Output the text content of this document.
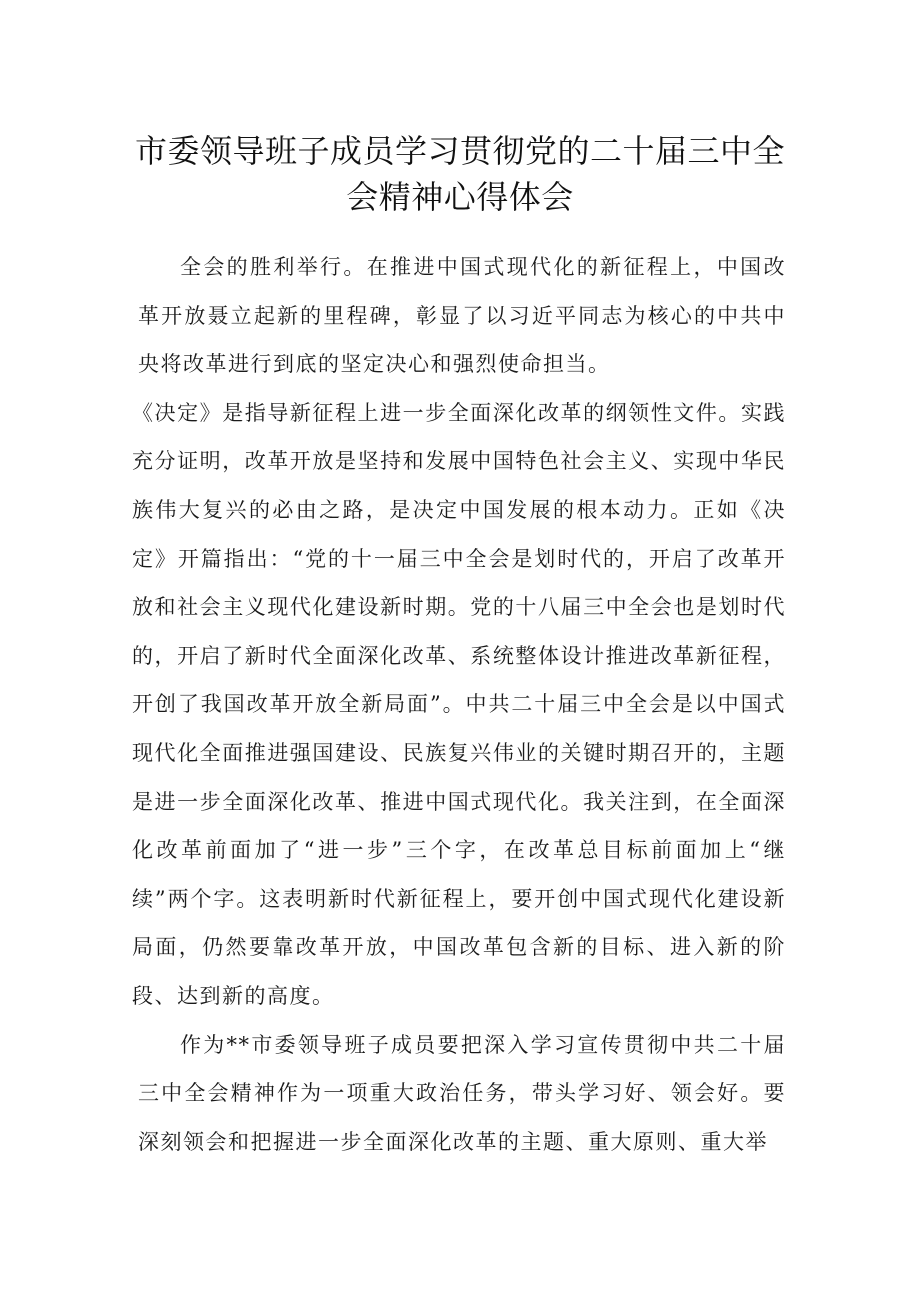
市委领导班子成员学习贯彻党的二十届三中全
会精神心得体会

全会的胜利举行。在推进中国式现代化的新征程上，中国改革开放聂立起新的里程碑，彰显了以习近平同志为核心的中共中央将改革进行到底的坚定决心和强烈使命担当。

《决定》是指导新征程上进一步全面深化改革的纲领性文件。实践充分证明，改革开放是坚持和发展中国特色社会主义、实现中华民族伟大复兴的必由之路，是决定中国发展的根本动力。正如《决定》开篇指出：“党的十一届三中全会是划时代的，开启了改革开放和社会主义现代化建设新时期。党的十八届三中全会也是划时代的，开启了新时代全面深化改革、系统整体设计推进改革新征程，开创了我国改革开放全新局面”。中共二十届三中全会是以中国式现代化全面推进强国建设、民族复兴伟业的关键时期召开的，主题是进一步全面深化改革、推进中国式现代化。我关注到，在全面深化改革前面加了“进一步”三个字，在改革总目标前面加上“继续”两个字。这表明新时代新征程上，要开创中国式现代化建设新局面，仍然要靠改革开放，中国改革包含新的目标、进入新的阶段、达到新的高度。

作为**市委领导班子成员要把深入学习宣传贯彻中共二十届三中全会精神作为一项重大政治任务，带头学习好、领会好。要深刻领会和把握进一步全面深化改革的主题、重大原则、重大举
